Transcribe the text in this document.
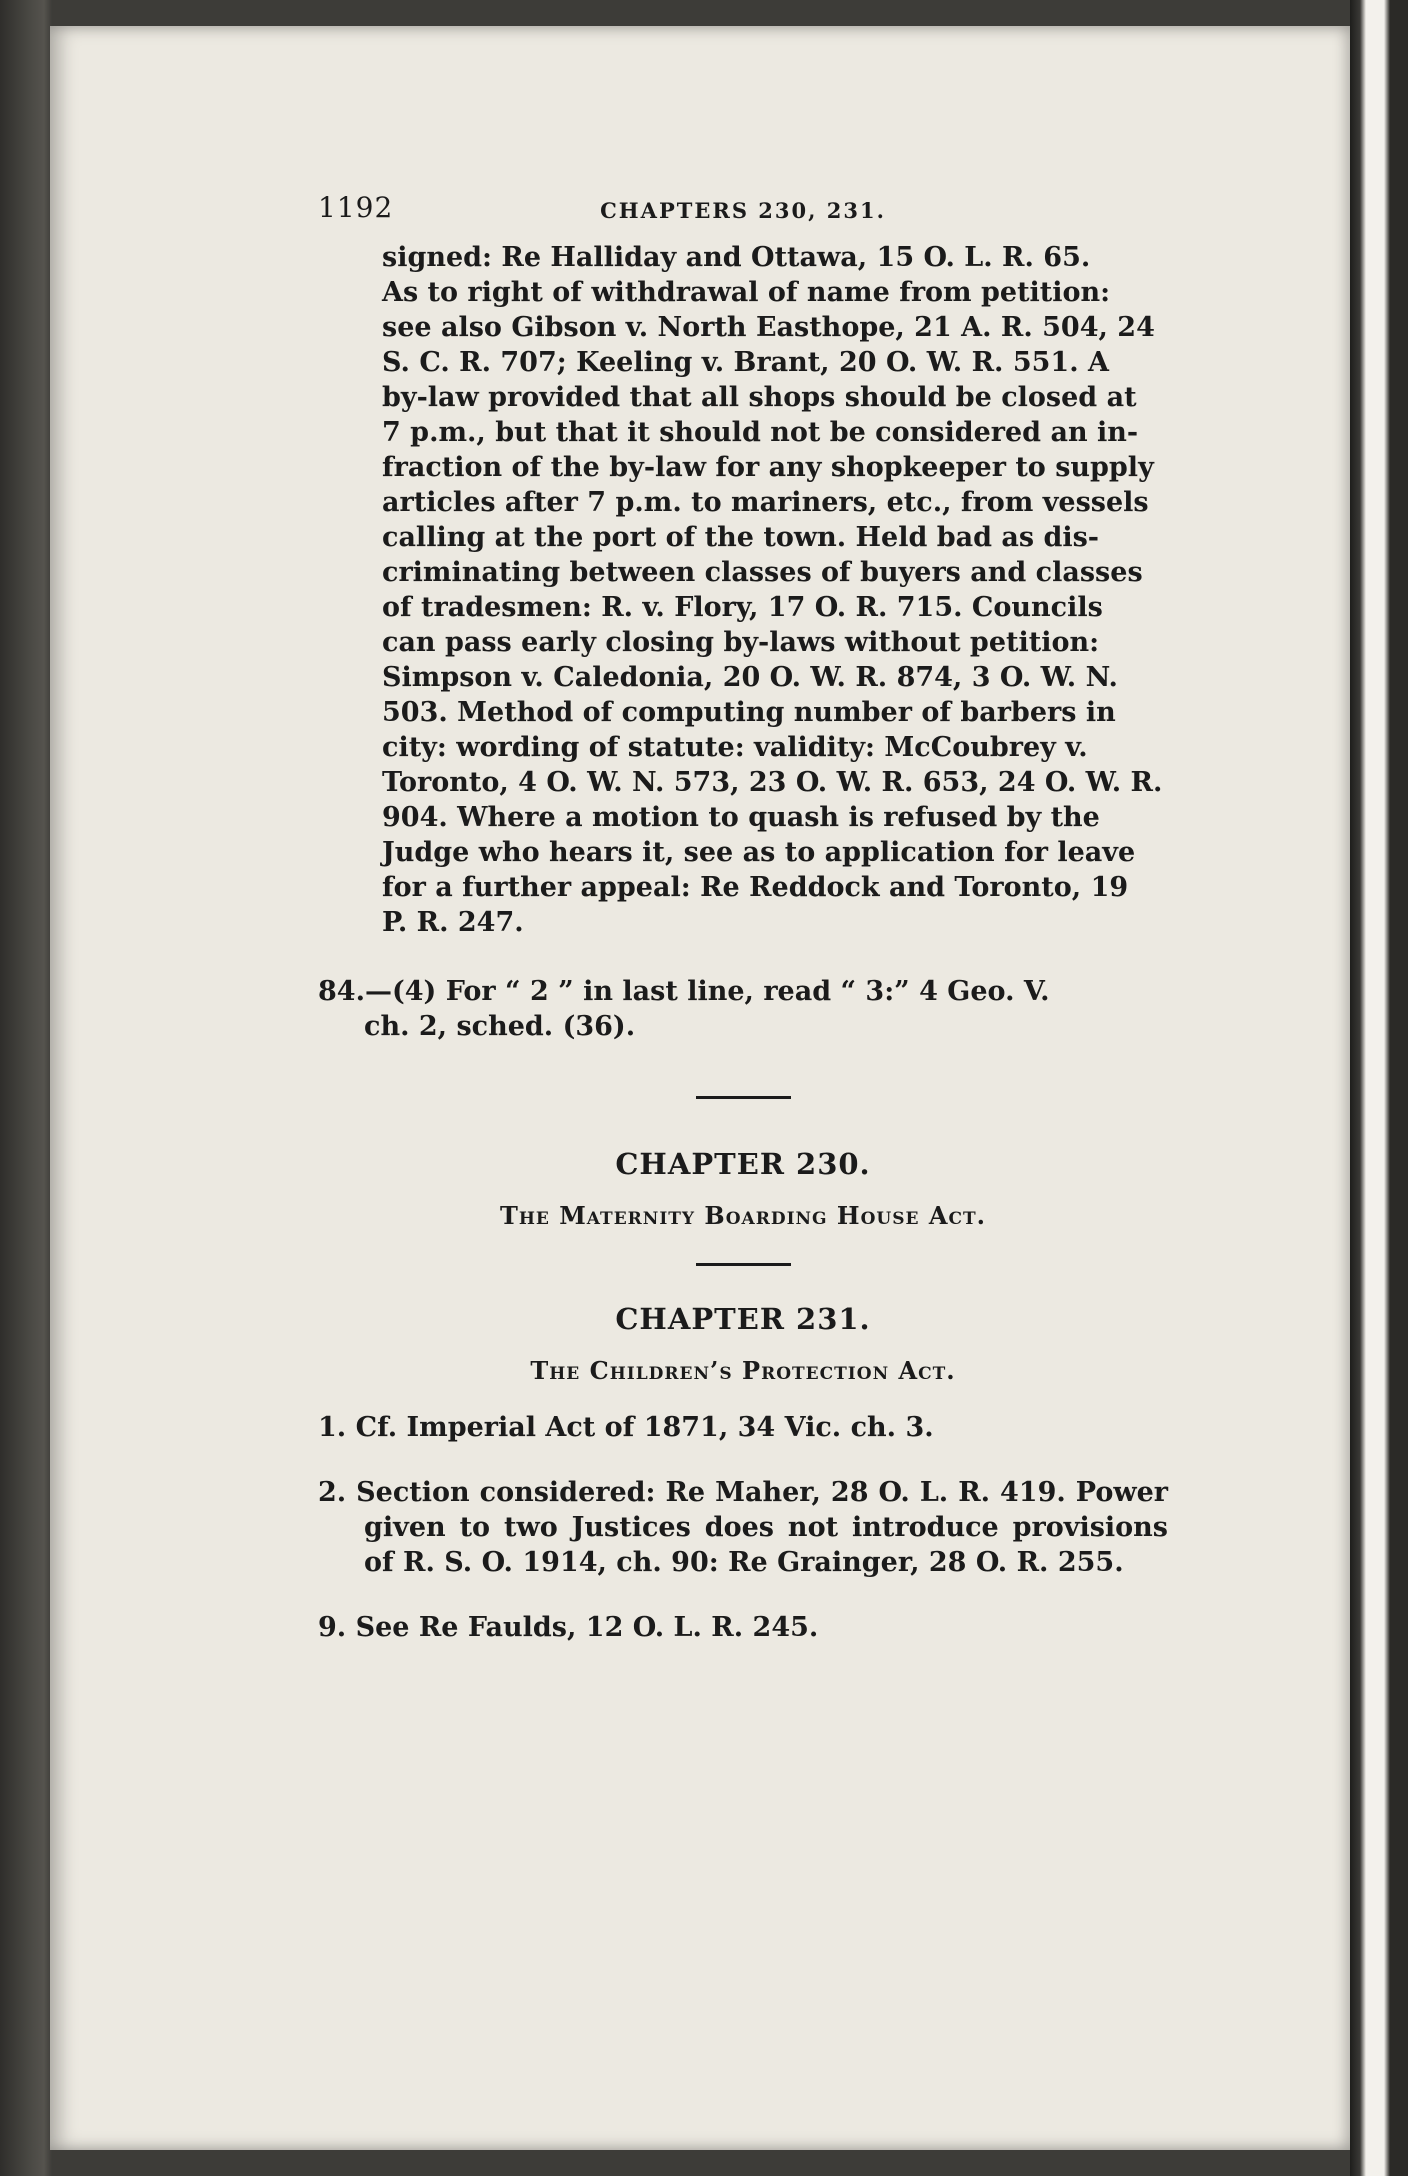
1192	CHAPTERS 230, 231.
signed: Re Halliday and Ottawa, 15 O. L. R. 65.
As to right of withdrawal of name from petition:
see also Gibson v. North Easthope, 21 A. R. 504, 24
S. C. R. 707; Keeling v. Brant, 20 O. W. R. 551. A
by-law provided that all shops should be closed at
7 p.m., but that it should not be considered an in-
fraction of the by-law for any shopkeeper to supply
articles after 7 p.m. to mariners, etc., from vessels
calling at the port of the town. Held bad as dis-
criminating between classes of buyers and classes
of tradesmen: R. v. Flory, 17 O. R. 715. Councils
can pass early closing by-laws without petition:
Simpson v. Caledonia, 20 O. W. R. 874, 3 O. W. N.
503. Method of computing number of barbers in
city: wording of statute: validity: McCoubrey v.
Toronto, 4 O. W. N. 573, 23 O. W. R. 653, 24 O. W. R.
904. Where a motion to quash is refused by the
Judge who hears it, see as to application for leave
for a further appeal: Re Reddock and Toronto, 19
P. R. 247.
84.—(4) For “ 2 ” in last line, read “ 3:” 4 Geo. V.
ch. 2, sched. (36).
CHAPTER 230.
The Maternity Boarding House Act.
CHAPTER 231.
The Children’s Protection Act.
1. Cf. Imperial Act of 1871, 34 Vic. ch. 3.
2. Section considered: Re Maher, 28 O. L. R. 419. Power given to two Justices does not introduce provisions of R. S. O. 1914, ch. 90: Re Grainger, 28 O. R. 255.
9. See Re Faulds, 12 O. L. R. 245.
